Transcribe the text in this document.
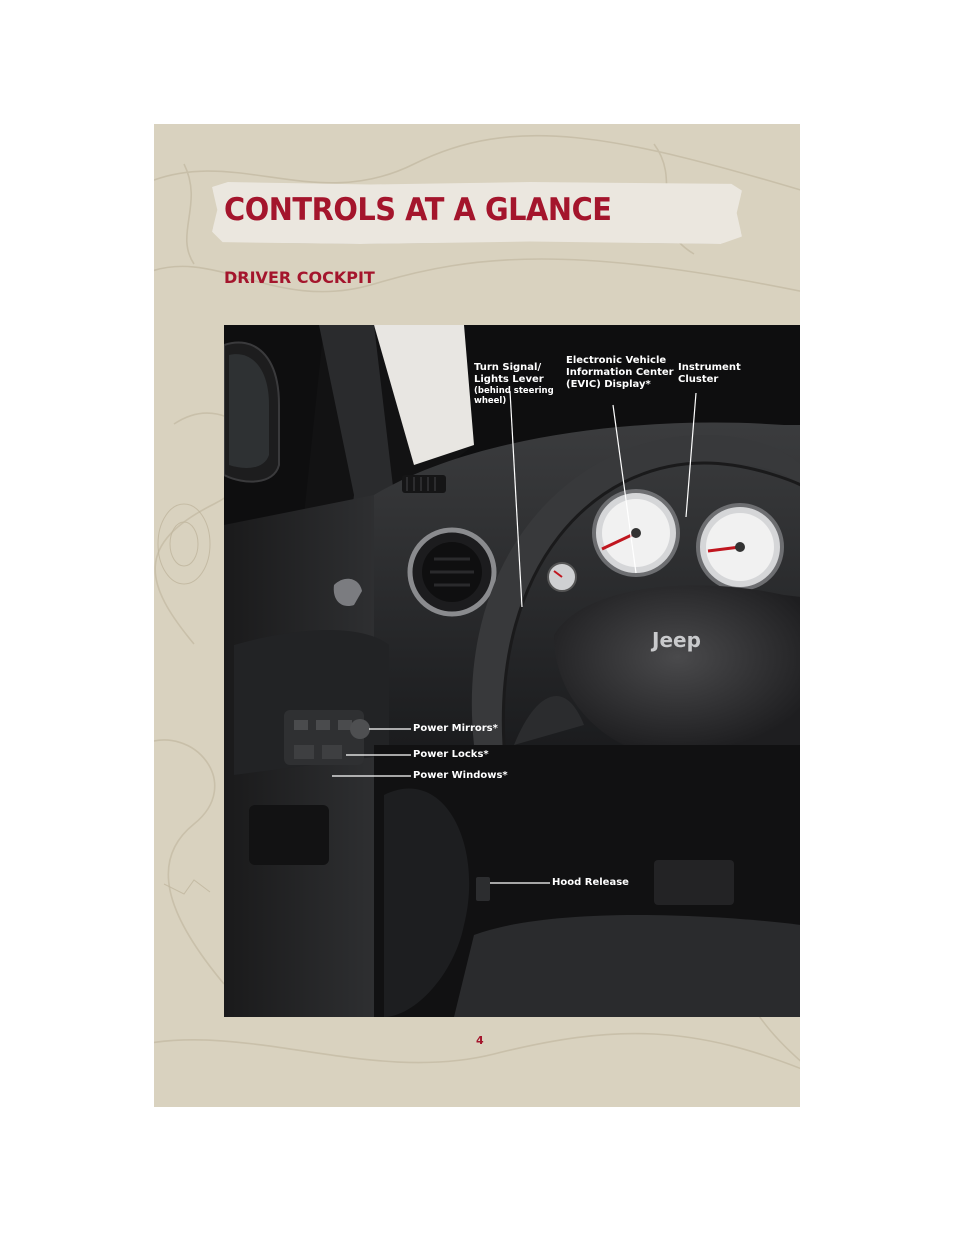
CONTROLS AT A GLANCE
DRIVER COCKPIT
Jeep

Turn Signal/
Lights Lever

(behind steering
wheel)

Electronic Vehicle
Information Center
(EVIC) Display*
Instrument
Cluster
Power Mirrors*
Power Locks*
Power Windows*
Hood Release
4
